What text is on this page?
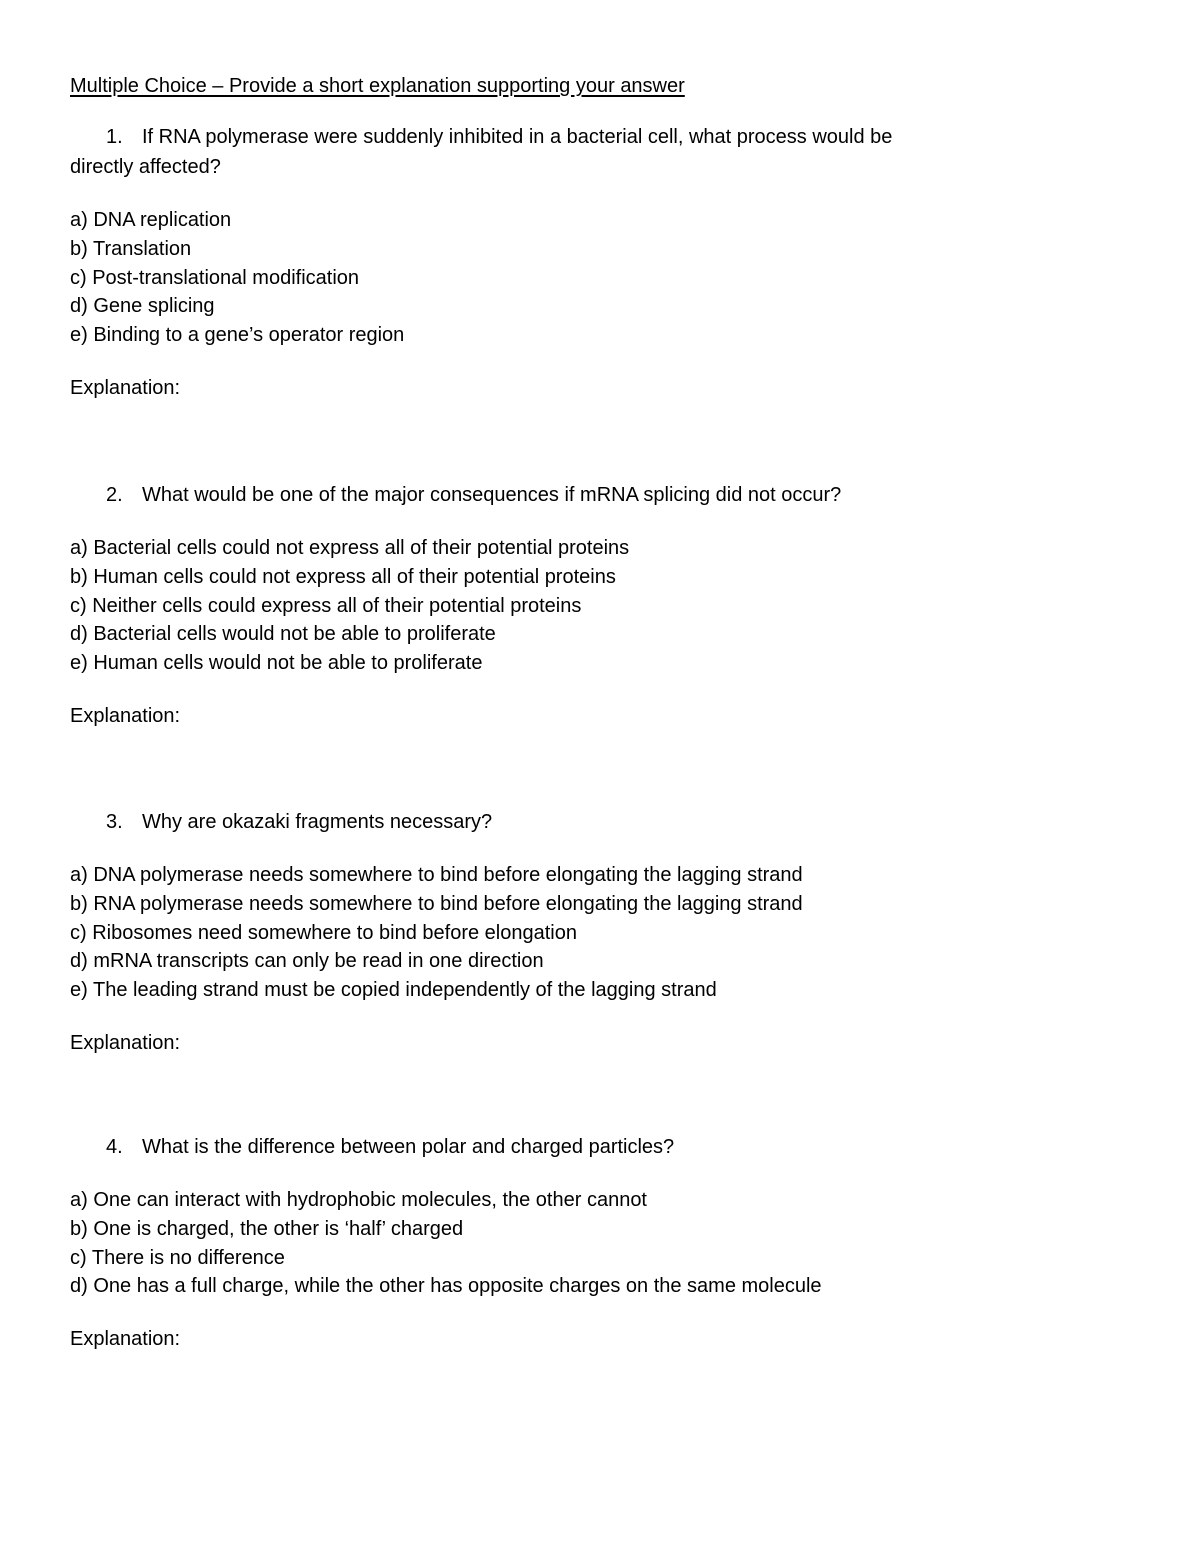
Multiple Choice – Provide a short explanation supporting your answer
1. If RNA polymerase were suddenly inhibited in a bacterial cell, what process would be
directly affected?
a) DNA replication
b) Translation
c) Post-translational modification
d) Gene splicing
e) Binding to a gene’s operator region
Explanation:
2. What would be one of the major consequences if mRNA splicing did not occur?
a) Bacterial cells could not express all of their potential proteins
b) Human cells could not express all of their potential proteins
c) Neither cells could express all of their potential proteins
d) Bacterial cells would not be able to proliferate
e) Human cells would not be able to proliferate
Explanation:
3. Why are okazaki fragments necessary?
a) DNA polymerase needs somewhere to bind before elongating the lagging strand
b) RNA polymerase needs somewhere to bind before elongating the lagging strand
c) Ribosomes need somewhere to bind before elongation
d) mRNA transcripts can only be read in one direction
e) The leading strand must be copied independently of the lagging strand
Explanation:
4. What is the difference between polar and charged particles?
a) One can interact with hydrophobic molecules, the other cannot
b) One is charged, the other is ‘half’ charged
c) There is no difference
d) One has a full charge, while the other has opposite charges on the same molecule
Explanation:
